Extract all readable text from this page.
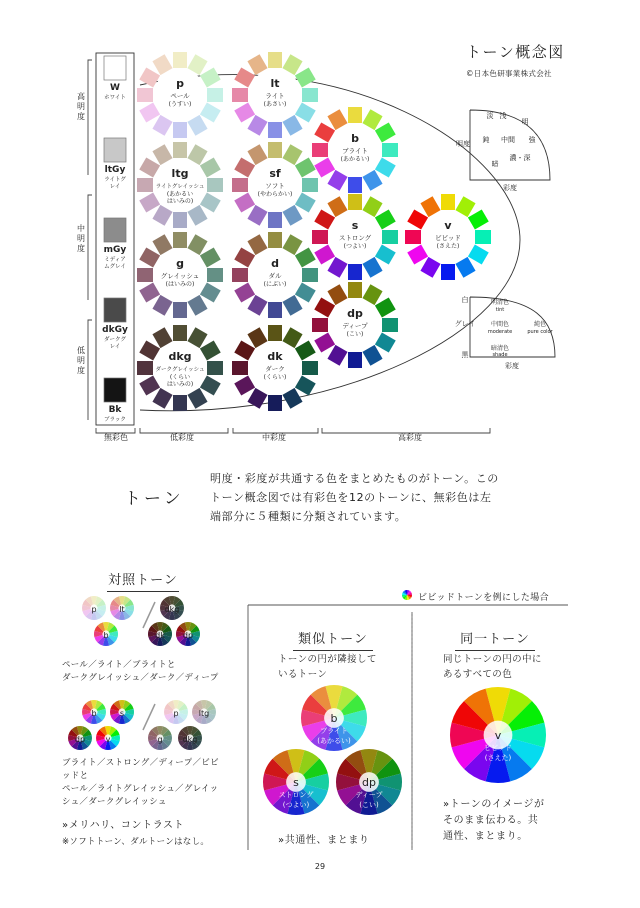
p
ペール
(うすい)
lt
ライト
(あさい)
b
ブライト
(あかるい)
ltg
ライトグレイッシュ
(あかるい
はいみの)
sf
ソフト
(やわらかい)
s
ストロング
(つよい)
v
ビビッド
(さえた)
g
グレイッシュ
(はいみの)
d
ダル
(にぶい)
dp
ディープ
(こい)
dkg
ダークグレイッシュ
(くらい
はいみの)
dk
ダーク
(くらい)
W
ホワイト
ltGy
ライトグ
レイ
mGy
ミディア
ムグレイ
dkGy
ダークグ
レイ
Bk
ブラック
明度
彩度
淡 浅
明
鈍 中間 強
暗
濃・深
白
グレイ
黒
彩度
明清色
tint
中間色
moderate
純色
pure color
暗清色
shade
p	lt
b
dkg
dk dp
b	s
dp	v
p	ltg
g	dkg
b
ブライト
(あかるい)
s
ストロング
(つよい)
dp
ディープ
(こい)
v
ビビッド
(さえた)
トーン概念図
©日本色研事業株式会社
高明度
中明度
低明度
無彩色	低彩度	中彩度	高彩度
トーン
明度・彩度が共通する色をまとめたものがトーン。この
トーン概念図では有彩色を12のトーンに、無彩色は左
端部分に５種類に分類されています。
対照トーン
ペール／ライト／ブライトと
ダークグレイッシュ／ダーク／ディープ
ブライト／ストロング／ディープ／ビビ
ッドと
ペール／ライトグレイッシュ／グレイッ
シュ／ダークグレイッシュ
»メリハリ、コントラスト
※ソフトトーン、ダルトーンはなし。
ビビッドトーンを例にした場合
類似トーン
トーンの円が隣接して
いるトーン
»共通性、まとまり
同一トーン
同じトーンの円の中に
あるすべての色
»トーンのイメージが
そのまま伝わる。共
通性、まとまり。
29
